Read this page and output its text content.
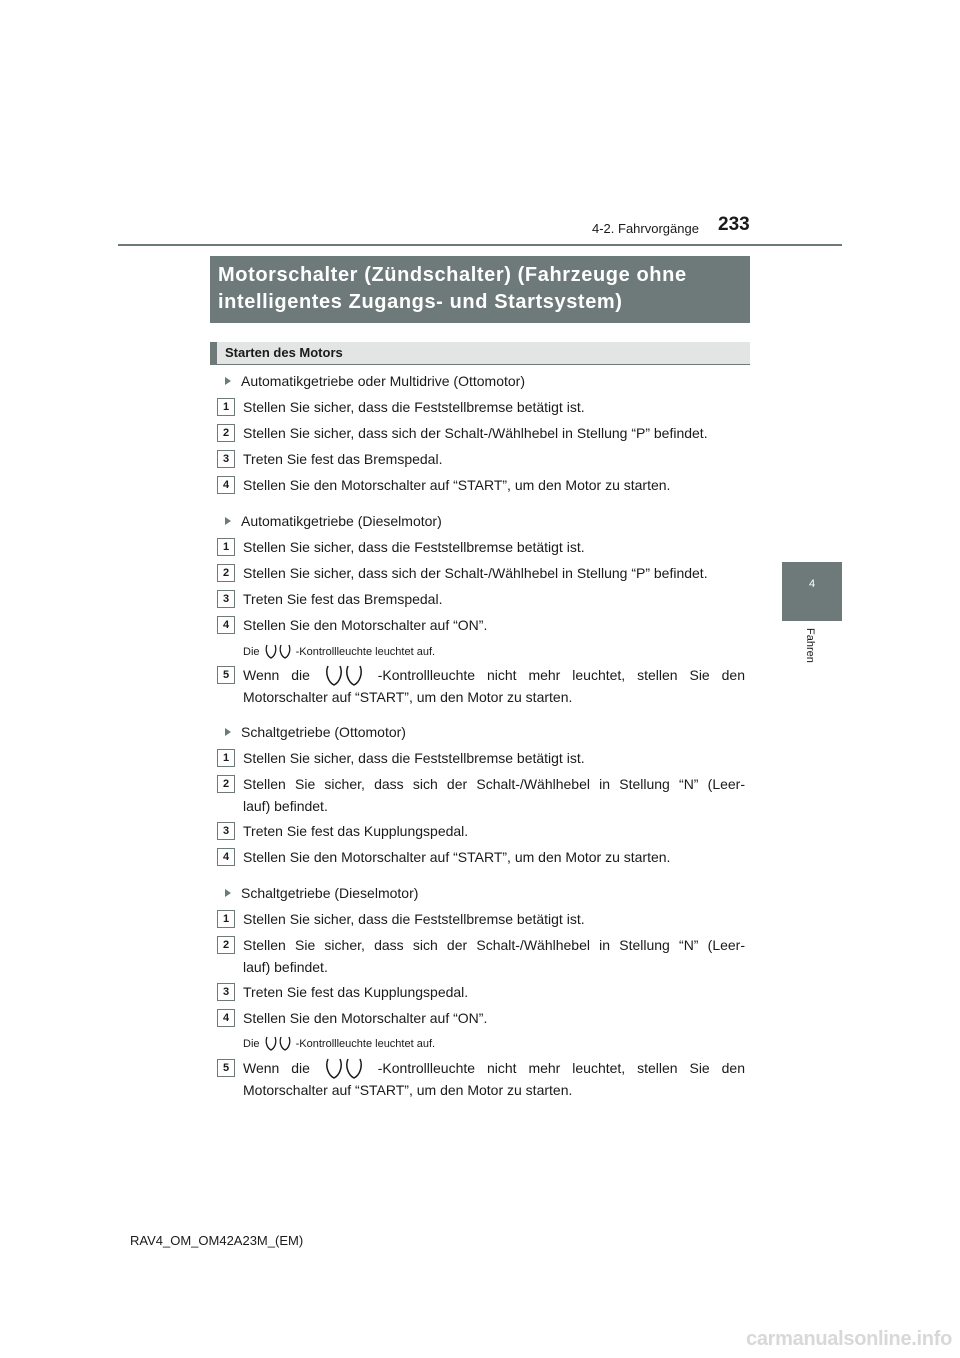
4-2. Fahrvorgänge 233
4
Fahren
Motorschalter (Zündschalter) (Fahrzeuge ohne intelligentes Zugangs- und Startsystem)
Starten des Motors
Automatikgetriebe oder Multidrive (Ottomotor)
1 Stellen Sie sicher, dass die Feststellbremse betätigt ist.
2 Stellen Sie sicher, dass sich der Schalt-/Wählhebel in Stellung “P” befindet.
3 Treten Sie fest das Bremspedal.
4 Stellen Sie den Motorschalter auf “START”, um den Motor zu starten.
Automatikgetriebe (Dieselmotor)
1 Stellen Sie sicher, dass die Feststellbremse betätigt ist.
2 Stellen Sie sicher, dass sich der Schalt-/Wählhebel in Stellung “P” befindet.
3 Treten Sie fest das Bremspedal.
4 Stellen Sie den Motorschalter auf “ON”.
Die	-Kontrollleuchte leuchtet auf.
5 Wenn die	-Kontrollleuchte nicht mehr leuchtet, stellen Sie den
Motorschalter auf “START”, um den Motor zu starten.
Schaltgetriebe (Ottomotor)
1 Stellen Sie sicher, dass die Feststellbremse betätigt ist.
2 Stellen Sie sicher, dass sich der Schalt-/Wählhebel in Stellung “N” (Leer-
lauf) befindet.
3 Treten Sie fest das Kupplungspedal.
4 Stellen Sie den Motorschalter auf “START”, um den Motor zu starten.
Schaltgetriebe (Dieselmotor)
1 Stellen Sie sicher, dass die Feststellbremse betätigt ist.
2 Stellen Sie sicher, dass sich der Schalt-/Wählhebel in Stellung “N” (Leer-
lauf) befindet.
3 Treten Sie fest das Kupplungspedal.
4 Stellen Sie den Motorschalter auf “ON”.
Die	-Kontrollleuchte leuchtet auf.
5 Wenn die	-Kontrollleuchte nicht mehr leuchtet, stellen Sie den
Motorschalter auf “START”, um den Motor zu starten.
RAV4_OM_OM42A23M_(EM)
carmanualsonline.info
